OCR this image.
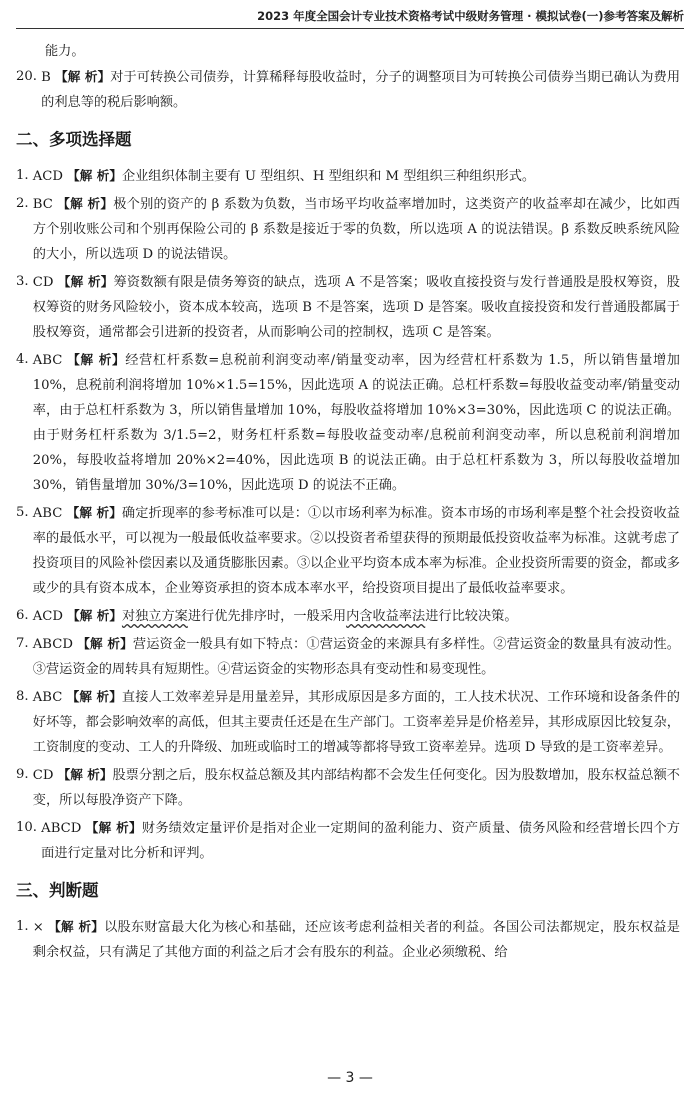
2023 年度全国会计专业技术资格考试中级财务管理 · 模拟试卷(一)参考答案及解析
能力。
20. B 【解 析】对于可转换公司债券，计算稀释每股收益时，分子的调整项目为可转换公司债券当期已确认为费用的利息等的税后影响额。
二、多项选择题
1. ACD 【解 析】企业组织体制主要有 U 型组织、H 型组织和 M 型组织三种组织形式。
2. BC 【解 析】极个别的资产的 β 系数为负数，当市场平均收益率增加时，这类资产的收益率却在减少，比如西方个别收账公司和个别再保险公司的 β 系数是接近于零的负数，所以选项 A 的说法错误。β 系数反映系统风险的大小，所以选项 D 的说法错误。
3. CD 【解 析】筹资数额有限是债务筹资的缺点，选项 A 不是答案；吸收直接投资与发行普通股是股权筹资，股权筹资的财务风险较小，资本成本较高，选项 B 不是答案，选项 D 是答案。吸收直接投资和发行普通股都属于股权筹资，通常都会引进新的投资者，从而影响公司的控制权，选项 C 是答案。
4. ABC 【解 析】经营杠杆系数=息税前利润变动率/销量变动率，因为经营杠杆系数为 1.5，所以销售量增加 10%，息税前利润将增加 10%×1.5=15%，因此选项 A 的说法正确。总杠杆系数=每股收益变动率/销量变动率，由于总杠杆系数为 3，所以销售量增加 10%，每股收益将增加 10%×3=30%，因此选项 C 的说法正确。由于财务杠杆系数为 3/1.5=2，财务杠杆系数=每股收益变动率/息税前利润变动率，所以息税前利润增加 20%，每股收益将增加 20%×2=40%，因此选项 B 的说法正确。由于总杠杆系数为 3，所以每股收益增加 30%，销售量增加 30%/3=10%，因此选项 D 的说法不正确。
5. ABC 【解 析】确定折现率的参考标准可以是：①以市场利率为标准。资本市场的市场利率是整个社会投资收益率的最低水平，可以视为一般最低收益率要求。②以投资者希望获得的预期最低投资收益率为标准。这就考虑了投资项目的风险补偿因素以及通货膨胀因素。③以企业平均资本成本率为标准。企业投资所需要的资金，都或多或少的具有资本成本，企业筹资承担的资本成本率水平，给投资项目提出了最低收益率要求。
6. ACD 【解 析】对独立方案进行优先排序时，一般采用内含收益率法进行比较决策。
7. ABCD 【解 析】营运资金一般具有如下特点：①营运资金的来源具有多样性。②营运资金的数量具有波动性。③营运资金的周转具有短期性。④营运资金的实物形态具有变动性和易变现性。
8. ABC 【解 析】直接人工效率差异是用量差异，其形成原因是多方面的，工人技术状况、工作环境和设备条件的好坏等，都会影响效率的高低，但其主要责任还是在生产部门。工资率差异是价格差异，其形成原因比较复杂，工资制度的变动、工人的升降级、加班或临时工的增减等都将导致工资率差异。选项 D 导致的是工资率差异。
9. CD 【解 析】股票分割之后，股东权益总额及其内部结构都不会发生任何变化。因为股数增加，股东权益总额不变，所以每股净资产下降。
10. ABCD 【解 析】财务绩效定量评价是指对企业一定期间的盈利能力、资产质量、债务风险和经营增长四个方面进行定量对比分析和评判。
三、判断题
1. × 【解 析】以股东财富最大化为核心和基础，还应该考虑利益相关者的利益。各国公司法都规定，股东权益是剩余权益，只有满足了其他方面的利益之后才会有股东的利益。企业必须缴税、给
— 3 —
